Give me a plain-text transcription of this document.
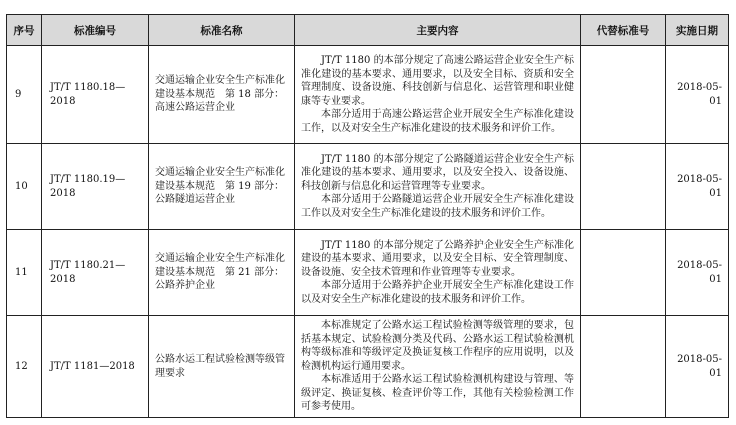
序号	标准编号	标准名称	主要内容	代替标准号	实施日期
9	JT/T 1180.18—2018	交通运输企业安全生产标准化建设基本规范　第 18 部分：高速公路运营企业	JT/T 1180 的本部分规定了高速公路运营企业安全生产标准化建设的基本要求、通用要求，以及安全目标、资质和安全管理制度、设备设施、科技创新与信息化、运营管理和职业健康等专业要求。

本部分适用于高速公路运营企业开展安全生产标准化建设工作，以及对安全生产标准化建设的技术服务和评价工作。		2018-05-01
10	JT/T 1180.19—2018	交通运输企业安全生产标准化建设基本规范　第 19 部分：公路隧道运营企业	JT/T 1180 的本部分规定了公路隧道运营企业安全生产标准化建设的基本要求、通用要求，以及安全投入、设备设施、科技创新与信息化和运营管理等专业要求。

本部分适用于公路隧道运营企业开展安全生产标准化建设工作以及对安全生产标准化建设的技术服务和评价工作。		2018-05-01
11	JT/T 1180.21—2018	交通运输企业安全生产标准化建设基本规范　第 21 部分：公路养护企业	JT/T 1180 的本部分规定了公路养护企业安全生产标准化建设的基本要求、通用要求，以及安全目标、安全管理制度、设备设施、安全技术管理和作业管理等专业要求。

本部分适用于公路养护企业开展安全生产标准化建设工作以及对安全生产标准化建设的技术服务和评价工作。		2018-05-01
12	JT/T 1181—2018	公路水运工程试验检测等级管理要求	本标准规定了公路水运工程试验检测等级管理的要求，包括基本规定、试验检测分类及代码、公路水运工程试验检测机构等级标准和等级评定及换证复核工作程序的应用说明，以及检测机构运行通用要求。

本标准适用于公路水运工程试验检测机构建设与管理、等级评定、换证复核、检查评价等工作，其他有关检验检测工作可参考使用。		2018-05-01
